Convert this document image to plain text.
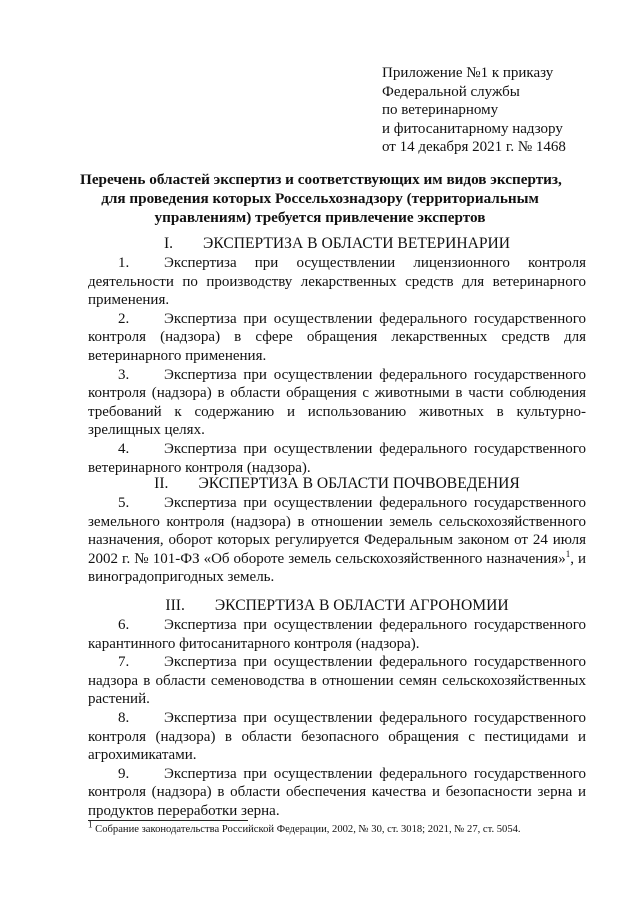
Приложение №1 к приказу
Федеральной службы
по ветеринарному
и фитосанитарному надзору
от 14 декабря 2021 г. № 1468
Перечень областей экспертиз и соответствующих им видов экспертиз,
для проведения которых Россельхознадзору (территориальным
управлениям) требуется привлечение экспертов
I. ЭКСПЕРТИЗА В ОБЛАСТИ ВЕТЕРИНАРИИ

1. Экспертиза при осуществлении лицензионного контроля деятельности по производству лекарственных средств для ветеринарного применения.

2. Экспертиза при осуществлении федерального государственного контроля (надзора) в сфере обращения лекарственных средств для ветеринарного применения.

3. Экспертиза при осуществлении федерального государственного контроля (надзора) в области обращения с животными в части соблюдения требований к содержанию и использованию животных в культурно-зрелищных целях.

4. Экспертиза при осуществлении федерального государственного ветеринарного контроля (надзора).

II. ЭКСПЕРТИЗА В ОБЛАСТИ ПОЧВОВЕДЕНИЯ

5. Экспертиза при осуществлении федерального государственного земельного контроля (надзора) в отношении земель сельскохозяйственного назначения, оборот которых регулируется Федеральным законом от 24 июля 2002 г. № 101-ФЗ «Об обороте земель сельскохозяйственного назначения»$^1$, и виноградопригодных земель.

III. ЭКСПЕРТИЗА В ОБЛАСТИ АГРОНОМИИ

6. Экспертиза при осуществлении федерального государственного карантинного фитосанитарного контроля (надзора).

7. Экспертиза при осуществлении федерального государственного надзора в области семеноводства в отношении семян сельскохозяйственных растений.

8. Экспертиза при осуществлении федерального государственного контроля (надзора) в области безопасного обращения с пестицидами и агрохимикатами.

9. Экспертиза при осуществлении федерального государственного контроля (надзора) в области обеспечения качества и безопасности зерна и продуктов переработки зерна.

$^1$ Собрание законодательства Российской Федерации, 2002, № 30, ст. 3018; 2021, № 27, ст. 5054.
